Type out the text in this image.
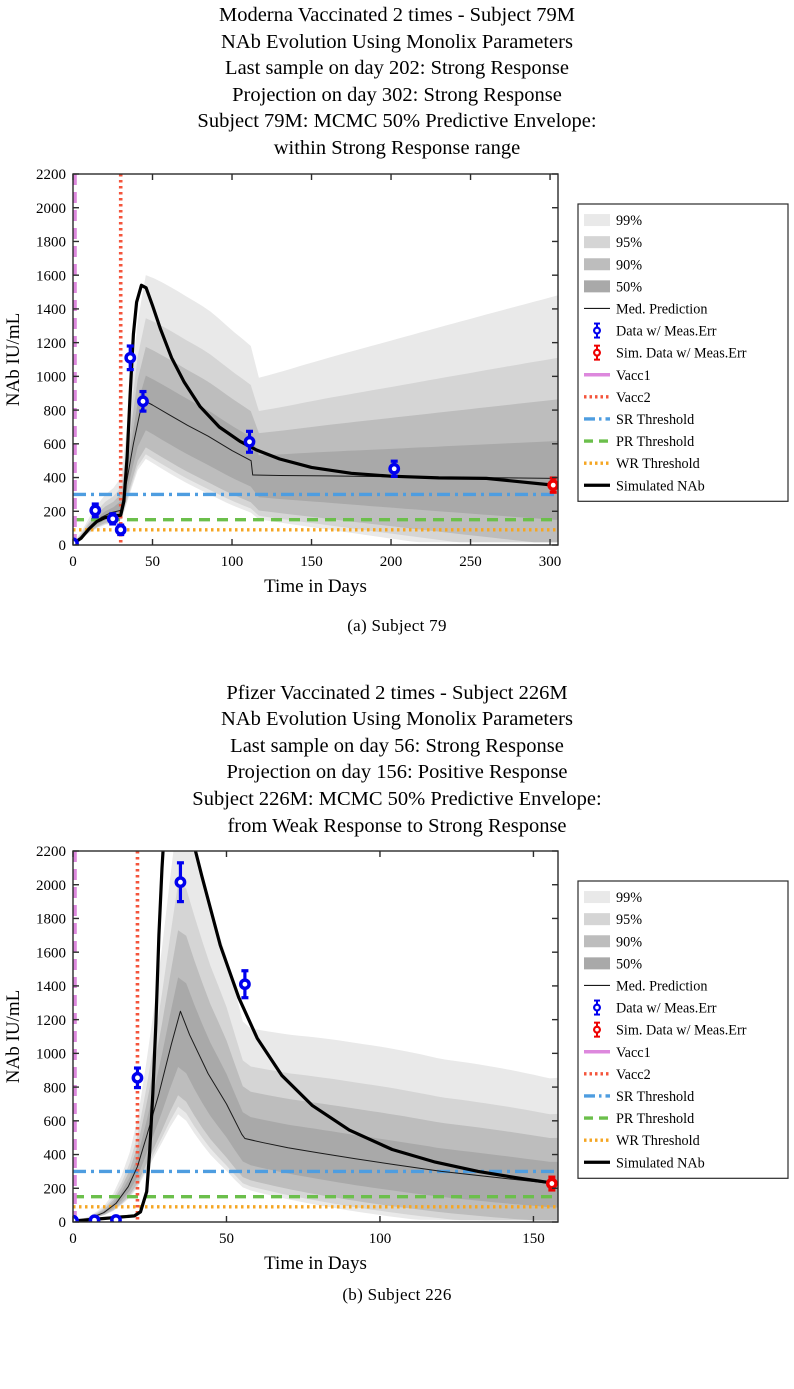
Moderna Vaccinated 2 times - Subject 79M
NAb Evolution Using Monolix Parameters
Last sample on day 202: Strong Response
Projection on day 302: Strong Response
Subject 79M: MCMC 50% Predictive Envelope:
within Strong Response range
0	50	100	150	200	250	300
0
200
400
600
800
1000
1200
1400
1600
1800
2000
2200
Time in Days
NAb IU/mL
99%
95%
90%
50%
Med. Prediction
Data w/ Meas.Err
Sim. Data w/ Meas.Err
Vacc1
Vacc2
SR Threshold
PR Threshold
WR Threshold
Simulated NAb
(a) Subject 79
Pfizer Vaccinated 2 times - Subject 226M
NAb Evolution Using Monolix Parameters
Last sample on day 56: Strong Response
Projection on day 156: Positive Response
Subject 226M: MCMC 50% Predictive Envelope:
from Weak Response to Strong Response
0	50	100	150
0
200
400
600
800
1000
1200
1400
1600
1800
2000
2200
Time in Days
NAb IU/mL
99%
95%
90%
50%
Med. Prediction
Data w/ Meas.Err
Sim. Data w/ Meas.Err
Vacc1
Vacc2
SR Threshold
PR Threshold
WR Threshold
Simulated NAb
(b) Subject 226
